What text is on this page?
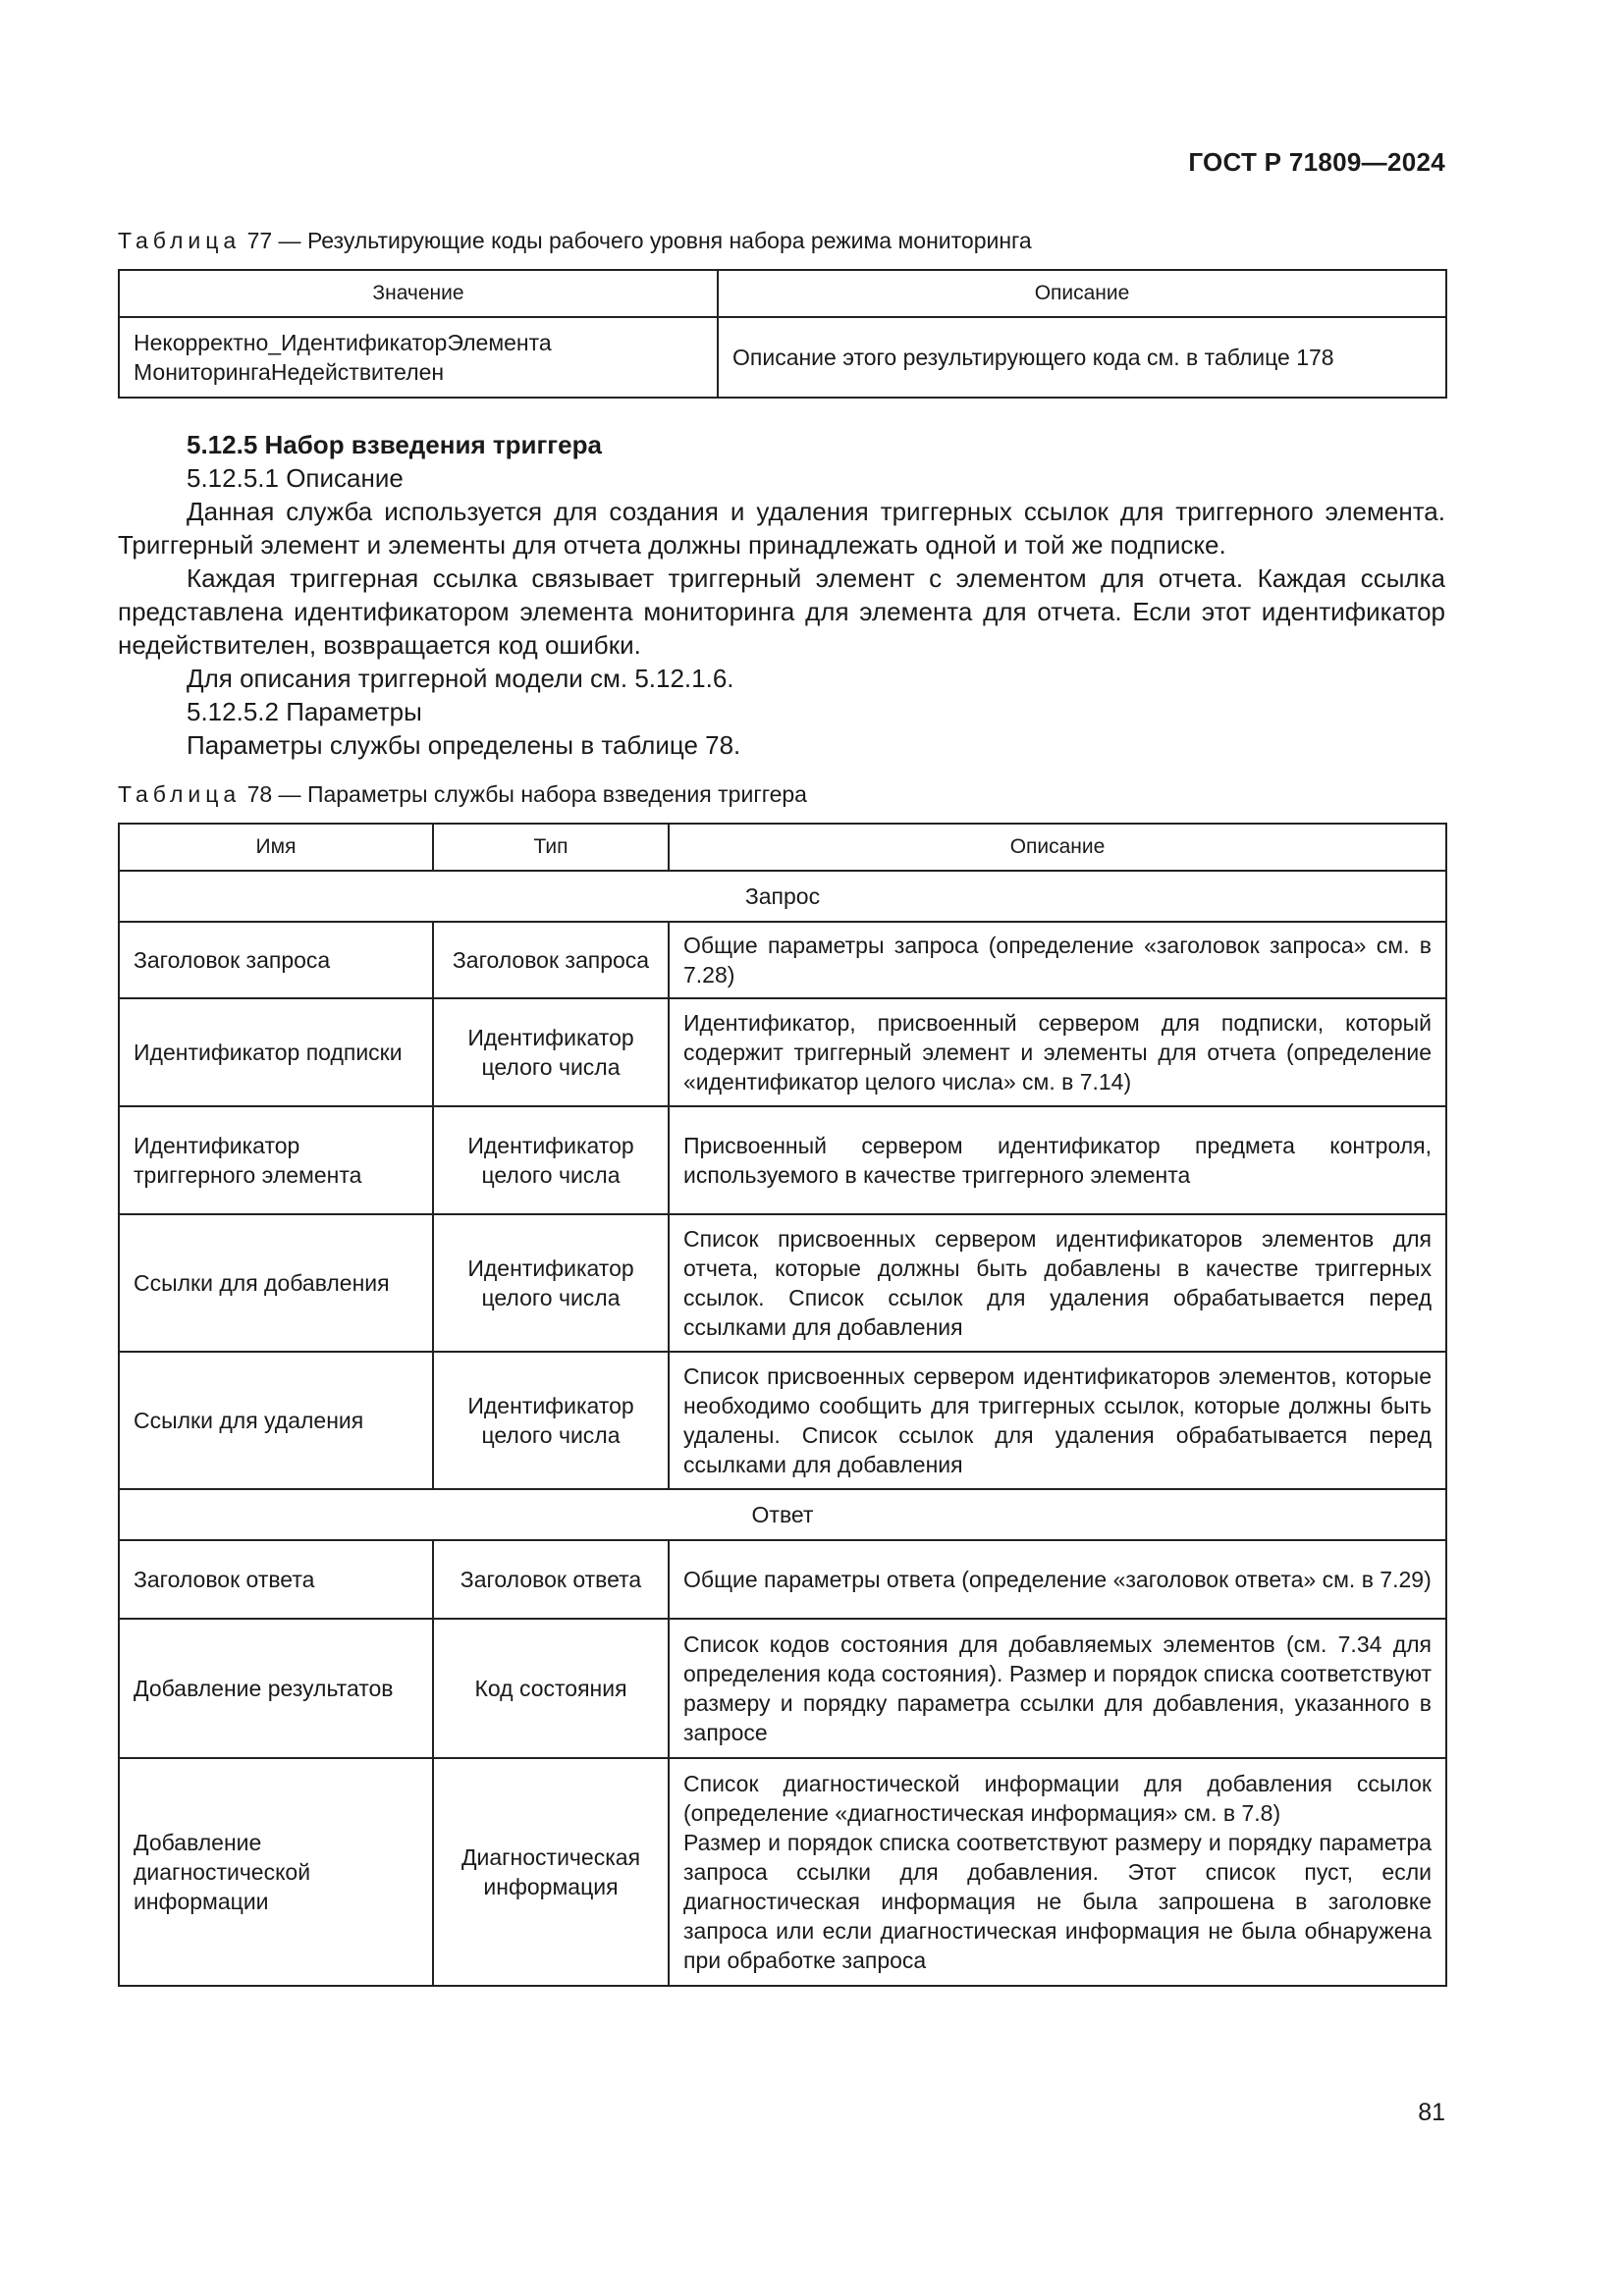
ГОСТ Р 71809—2024
Таблица 77 — Результирующие коды рабочего уровня набора режима мониторинга
Значение	Описание
Некорректно_ИдентификаторЭлемента
МониторингаНедействителен	Описание этого результирующего кода см. в таблице 178

5.12.5 Набор взведения триггера

5.12.5.1 Описание

Данная служба используется для создания и удаления триггерных ссылок для триггерного элемента. Триггерный элемент и элементы для отчета должны принадлежать одной и той же подписке.

Каждая триггерная ссылка связывает триггерный элемент с элементом для отчета. Каждая ссылка представлена идентификатором элемента мониторинга для элемента для отчета. Если этот идентификатор недействителен, возвращается код ошибки.

Для описания триггерной модели см. 5.12.1.6.

5.12.5.2 Параметры

Параметры службы определены в таблице 78.

Таблица 78 — Параметры службы набора взведения триггера
Имя	Тип	Описание
Запрос		
Заголовок запроса	Заголовок запроса	Общие параметры запроса (определение «заголовок запроса» см. в 7.28)
Идентификатор подписки	Идентификатор целого числа	Идентификатор, присвоенный сервером для подписки, который содержит триггерный элемент и элементы для отчета (определение «идентификатор целого числа» см. в 7.14)
Идентификатор триггерного элемента	Идентификатор целого числа	Присвоенный сервером идентификатор предмета контроля, используемого в качестве триггерного элемента
Ссылки для добавления	Идентификатор целого числа	Список присвоенных сервером идентификаторов элементов для отчета, которые должны быть добавлены в качестве триггерных ссылок. Список ссылок для удаления обрабатывается перед ссылками для добавления
Ссылки для удаления	Идентификатор целого числа	Список присвоенных сервером идентификаторов элементов, которые необходимо сообщить для триггерных ссылок, которые должны быть удалены. Список ссылок для удаления обрабатывается перед ссылками для добавления
Ответ		
Заголовок ответа	Заголовок ответа	Общие параметры ответа (определение «заголовок ответа» см. в 7.29)
Добавление результатов	Код состояния	Список кодов состояния для добавляемых элементов (см. 7.34 для определения кода состояния). Размер и порядок списка соответствуют размеру и порядку параметра ссылки для добавления, указанного в запросе
Добавление диагностической информации	Диагностическая информация	Список диагностической информации для добавления ссылок (определение «диагностическая информация» см. в 7.8)
Размер и порядок списка соответствуют размеру и порядку параметра запроса ссылки для добавления. Этот список пуст, если диагностическая информация не была запрошена в заголовке запроса или если диагностическая информация не была обнаружена при обработке запроса
81
